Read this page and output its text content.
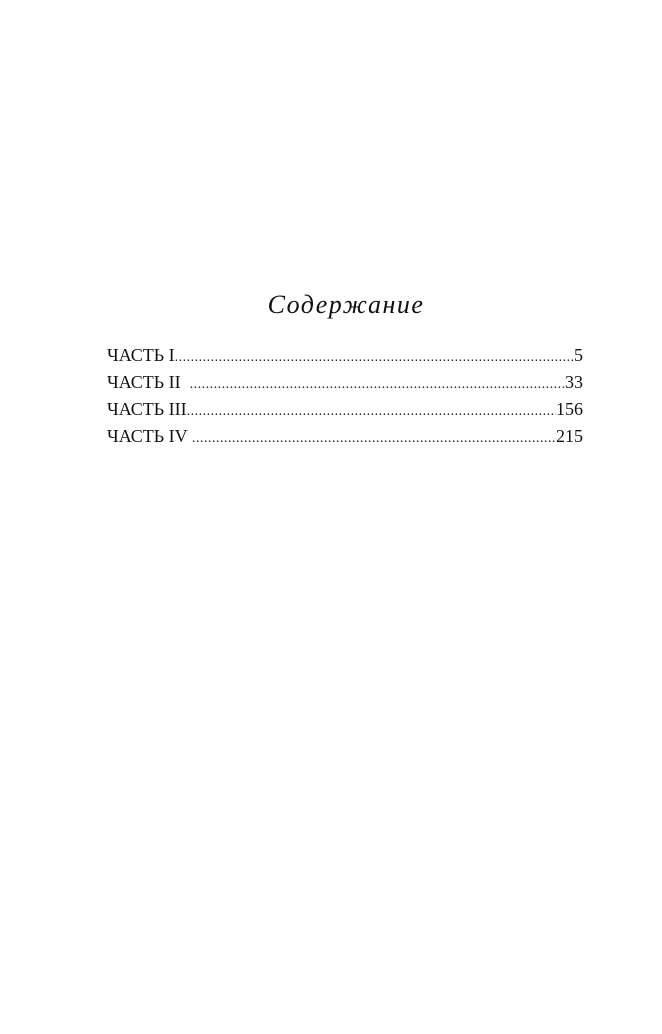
Содержание
ЧАСТЬ I .....	5
ЧАСТЬ II .....	33
ЧАСТЬ III .....	156
ЧАСТЬ IV .....	215
